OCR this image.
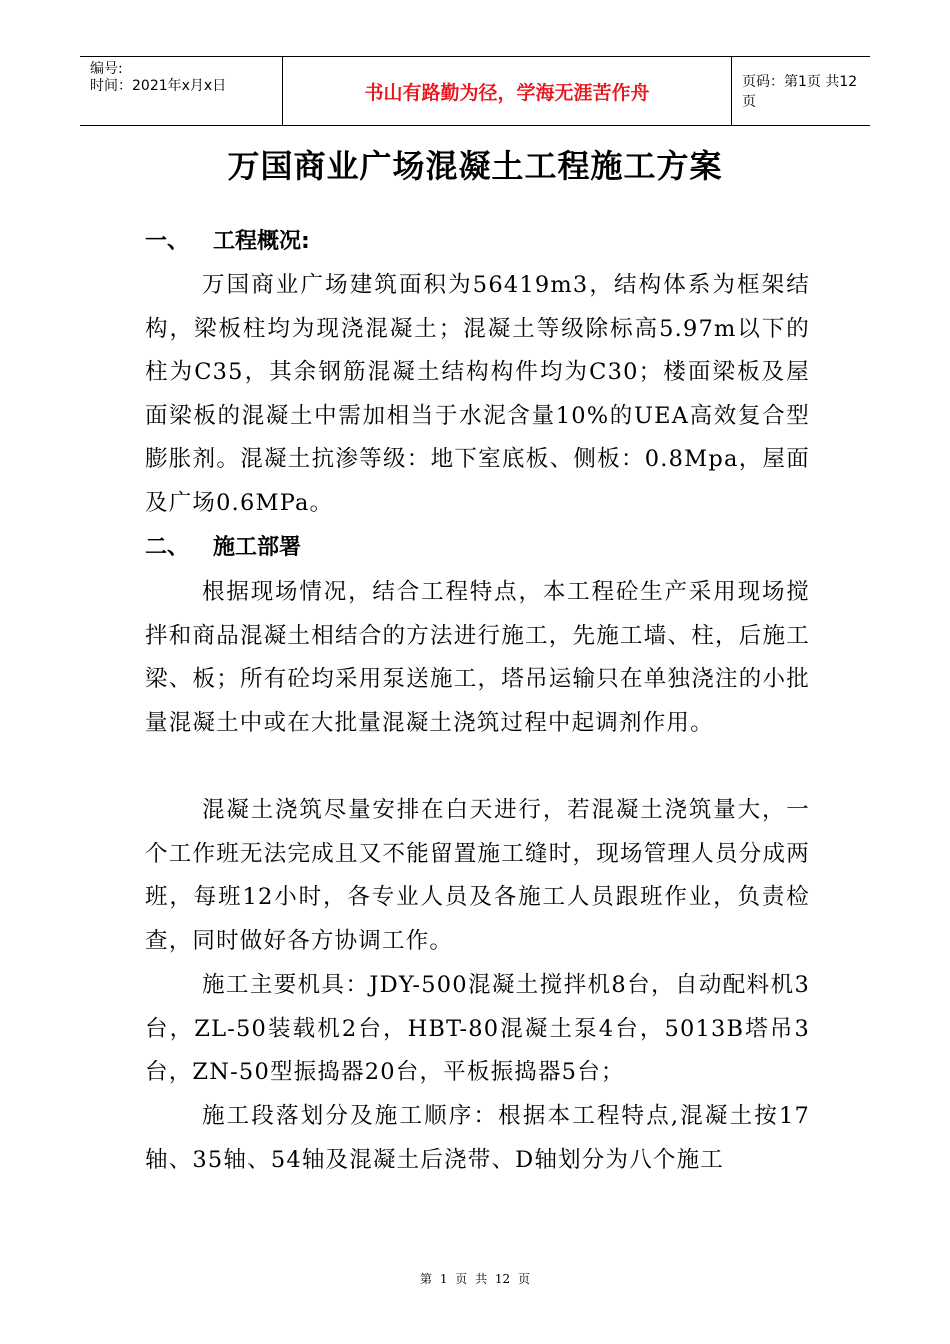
编号:
时间：2021年x月x日	书山有路勤为径，学海无涯苦作舟	页码：第1页 共12页
万国商业广场混凝土工程施工方案
一、 工程概况:

万国商业广场建筑面积为56419m3，结构体系为框架结构，梁板柱均为现浇混凝土；混凝土等级除标高5.97m以下的柱为C35，其余钢筋混凝土结构构件均为C30；楼面梁板及屋面梁板的混凝土中需加相当于水泥含量10%的UEA高效复合型膨胀剂。混凝土抗渗等级：地下室底板、侧板：0.8Mpa，屋面及广场0.6MPa。

二、 施工部署

根据现场情况，结合工程特点，本工程砼生产采用现场搅拌和商品混凝土相结合的方法进行施工，先施工墙、柱，后施工梁、板；所有砼均采用泵送施工，塔吊运输只在单独浇注的小批量混凝土中或在大批量混凝土浇筑过程中起调剂作用。

混凝土浇筑尽量安排在白天进行，若混凝土浇筑量大，一个工作班无法完成且又不能留置施工缝时，现场管理人员分成两班，每班12小时，各专业人员及各施工人员跟班作业，负责检查，同时做好各方协调工作。

施工主要机具：JDY-500混凝土搅拌机8台，自动配料机3台，ZL-50装载机2台，HBT-80混凝土泵4台，5013B塔吊3台，ZN-50型振捣器20台，平板振捣器5台；

施工段落划分及施工顺序：根据本工程特点,混凝土按17轴、35轴、54轴及混凝土后浇带、D轴划分为八个施工

第 1 页 共 12 页
